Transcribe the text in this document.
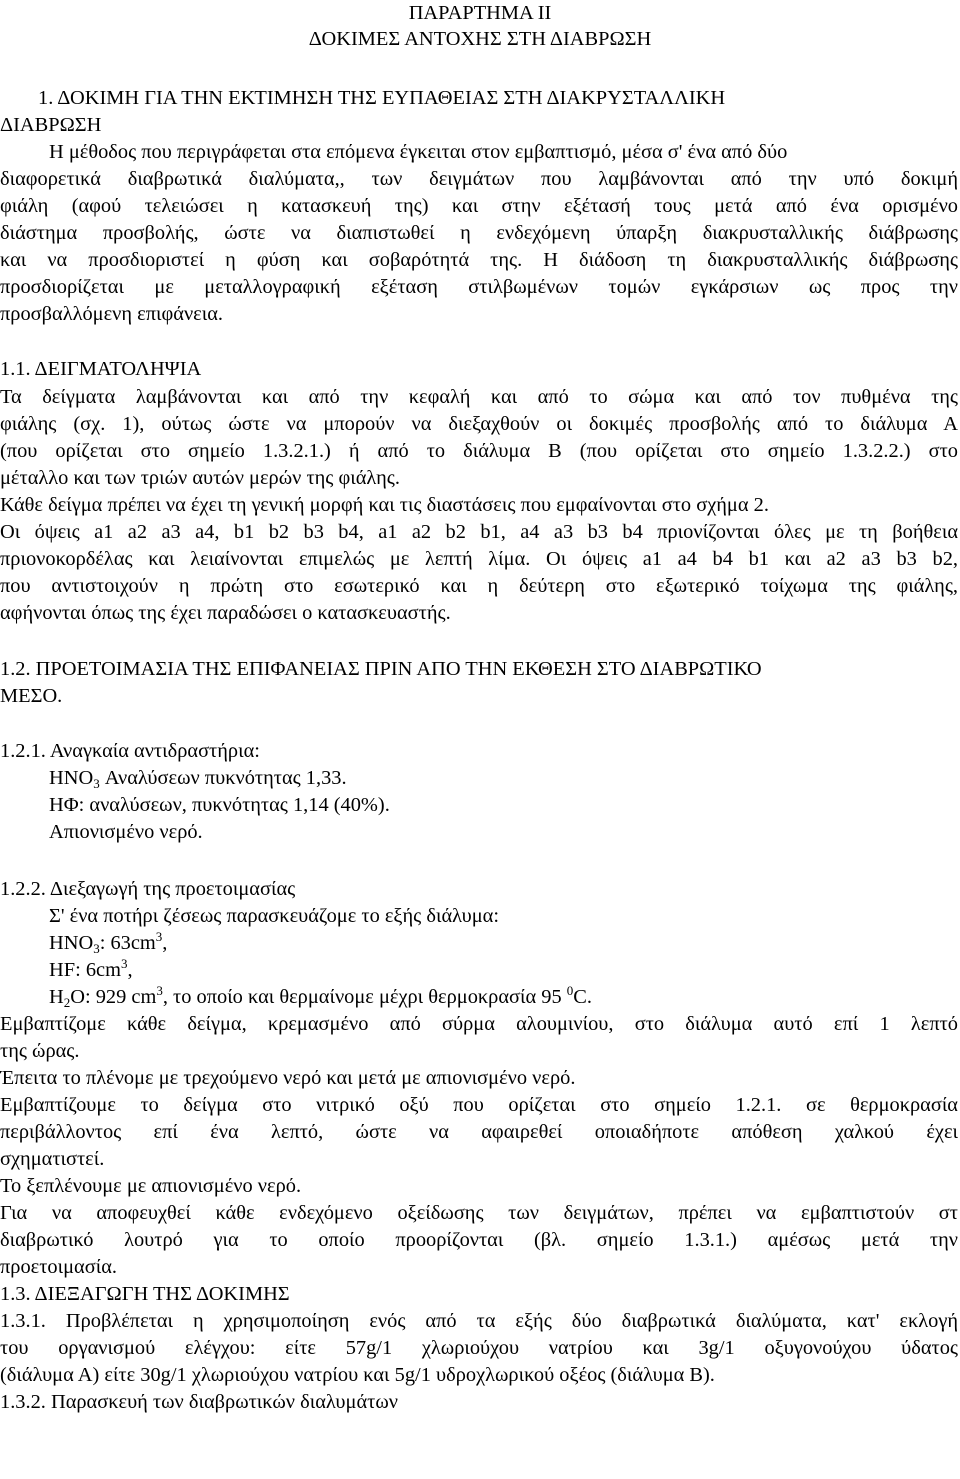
ΠΑΡΑΡΤΗΜΑ ΙΙ
ΔΟΚΙΜΕΣ ΑΝΤΟΧΗΣ ΣΤΗ ΔΙΑΒΡΩΣΗ
1. ΔΟΚΙΜΗ ΓΙΑ ΤΗΝ ΕΚΤΙΜΗΣΗ ΤΗΣ ΕΥΠΑΘΕΙΑΣ ΣΤΗ ΔΙΑΚΡΥΣΤΑΛΛΙΚΗ
ΔΙΑΒΡΩΣΗ
Η μέθοδος που περιγράφεται στα επόμενα έγκειται στον εμβαπτισμό, μέσα σ' ένα από δύο
διαφορετικά διαβρωτικά διαλύματα,, των δειγμάτων που λαμβάνονται από την υπό δοκιμή
φιάλη (αφού τελειώσει η κατασκευή της) και στην εξέτασή τους μετά από ένα ορισμένο
διάστημα προσβολής, ώστε να διαπιστωθεί η ενδεχόμενη ύπαρξη διακρυσταλλικής διάβρωσης
και να προσδιοριστεί η φύση και σοβαρότητά της. Η διάδοση τη διακρυσταλλικής διάβρωσης
προσδιορίζεται με μεταλλογραφική εξέταση στιλβωμένων τομών εγκάρσιων ως προς την
προσβαλλόμενη επιφάνεια.
1.1. ΔΕΙΓΜΑΤΟΛΗΨΙΑ
Τα δείγματα λαμβάνονται και από την κεφαλή και από το σώμα και από τον πυθμένα της
φιάλης (σχ. 1), ούτως ώστε να μπορούν να διεξαχθούν οι δοκιμές προσβολής από το διάλυμα Α
(που ορίζεται στο σημείο 1.3.2.1.) ή από το διάλυμα Β (που ορίζεται στο σημείο 1.3.2.2.) στο
μέταλλο και των τριών αυτών μερών της φιάλης.
Κάθε δείγμα πρέπει να έχει τη γενική μορφή και τις διαστάσεις που εμφαίνονται στο σχήμα 2.
Οι όψεις a1 a2 a3 a4, b1 b2 b3 b4, a1 a2 b2 b1, a4 a3 b3 b4 πριονίζονται όλες με τη βοήθεια
πριονοκορδέλας και λειαίνονται επιμελώς με λεπτή λίμα. Οι όψεις a1 a4 b4 b1 και a2 a3 b3 b2,
που αντιστοιχούν η πρώτη στο εσωτερικό και η δεύτερη στο εξωτερικό τοίχωμα της φιάλης,
αφήνονται όπως της έχει παραδώσει ο κατασκευαστής.
1.2. ΠΡΟΕΤΟΙΜΑΣΙΑ ΤΗΣ ΕΠΙΦΑΝΕΙΑΣ ΠΡΙΝ ΑΠΟ ΤΗΝ ΕΚΘΕΣΗ ΣΤΟ ΔΙΑΒΡΩΤΙΚΟ
ΜΕΣΟ.
1.2.1. Αναγκαία αντιδραστήρια:
$HNO_3$ Αναλύσεων πυκνότητας 1,33.
HΦ: αναλύσεων, πυκνότητας 1,14 (40%).
Απιονισμένο νερό.
1.2.2. Διεξαγωγή της προετοιμασίας
Σ' ένα ποτήρι ζέσεως παρασκευάζομε το εξής διάλυμα:
$HNO_3$: $63cm^3$,
HF: $6cm^3$,
$H_2O$: 929 $cm^3$, το οποίο και θερμαίνομε μέχρι θερμοκρασία 95 $^0$C.
Εμβαπτίζομε κάθε δείγμα, κρεμασμένο από σύρμα αλουμινίου, στο διάλυμα αυτό επί 1 λεπτό
της ώρας.
Έπειτα το πλένομε με τρεχούμενο νερό και μετά με απιονισμένο νερό.
Εμβαπτίζουμε το δείγμα στο νιτρικό οξύ που ορίζεται στο σημείο 1.2.1. σε θερμοκρασία
περιβάλλοντος επί ένα λεπτό, ώστε να αφαιρεθεί οποιαδήποτε απόθεση χαλκού έχει
σχηματιστεί.
Το ξεπλένουμε με απιονισμένο νερό.
Για να αποφευχθεί κάθε ενδεχόμενο οξείδωσης των δειγμάτων, πρέπει να εμβαπτιστούν στ
διαβρωτικό λουτρό για το οποίο προορίζονται (βλ. σημείο 1.3.1.) αμέσως μετά την
προετοιμασία.
1.3. ΔΙΕΞΑΓΩΓΗ ΤΗΣ ΔΟΚΙΜΗΣ
1.3.1. Προβλέπεται η χρησιμοποίηση ενός από τα εξής δύο διαβρωτικά διαλύματα, κατ' εκλογή
του οργανισμού ελέγχου: είτε 57g/1 χλωριούχου νατρίου και 3g/1 οξυγονούχου ύδατος
(διάλυμα Α) είτε 30g/1 χλωριούχου νατρίου και 5g/1 υδροχλωρικού οξέος (διάλυμα Β).
1.3.2. Παρασκευή των διαβρωτικών διαλυμάτων
